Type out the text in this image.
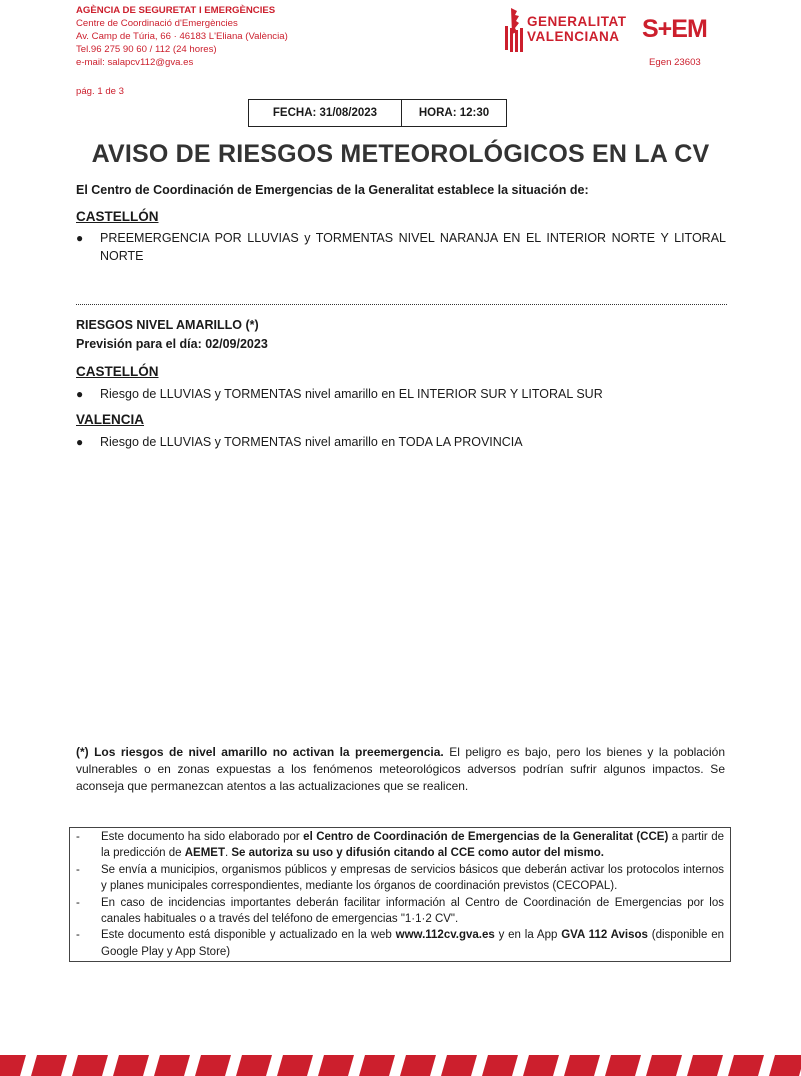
AGÈNCIA DE SEGURETAT I EMERGÈNCIES
Centre de Coordinació d'Emergències
Av. Camp de Túria, 66 · 46183 L'Eliana (València)
Tel.96 275 90 60 / 112 (24 hores)
e-mail: salapcv112@gva.es
GENERALITAT
VALENCIANA S+EM
Egen 23603
pág. 1 de 3
FECHA: 31/08/2023	HORA: 12:30
AVISO DE RIESGOS METEOROLÓGICOS EN LA CV
El Centro de Coordinación de Emergencias de la Generalitat establece la situación de:
CASTELLÓN
●	PREEMERGENCIA POR LLUVIAS y TORMENTAS NIVEL NARANJA EN EL INTERIOR NORTE Y LITORAL NORTE
RIESGOS NIVEL AMARILLO (*)
Previsión para el día: 02/09/2023
CASTELLÓN
●	Riesgo de LLUVIAS y TORMENTAS nivel amarillo en EL INTERIOR SUR Y LITORAL SUR
VALENCIA
●	Riesgo de LLUVIAS y TORMENTAS nivel amarillo en TODA LA PROVINCIA
(*) Los riesgos de nivel amarillo no activan la preemergencia. El peligro es bajo, pero los bienes y la población vulnerables o en zonas expuestas a los fenómenos meteorológicos adversos podrían sufrir algunos impactos. Se aconseja que permanezcan atentos a las actualizaciones que se realicen.
-	Este documento ha sido elaborado por el Centro de Coordinación de Emergencias de la Generalitat (CCE) a partir de la predicción de AEMET. Se autoriza su uso y difusión citando al CCE como autor del mismo.
-	Se envía a municipios, organismos públicos y empresas de servicios básicos que deberán activar los protocolos internos y planes municipales correspondientes, mediante los órganos de coordinación previstos (CECOPAL).
-	En caso de incidencias importantes deberán facilitar información al Centro de Coordinación de Emergencias por los canales habituales o a través del teléfono de emergencias "1·1·2 CV".
-	Este documento está disponible y actualizado en la web www.112cv.gva.es y en la App GVA 112 Avisos (disponible en Google Play y App Store)
